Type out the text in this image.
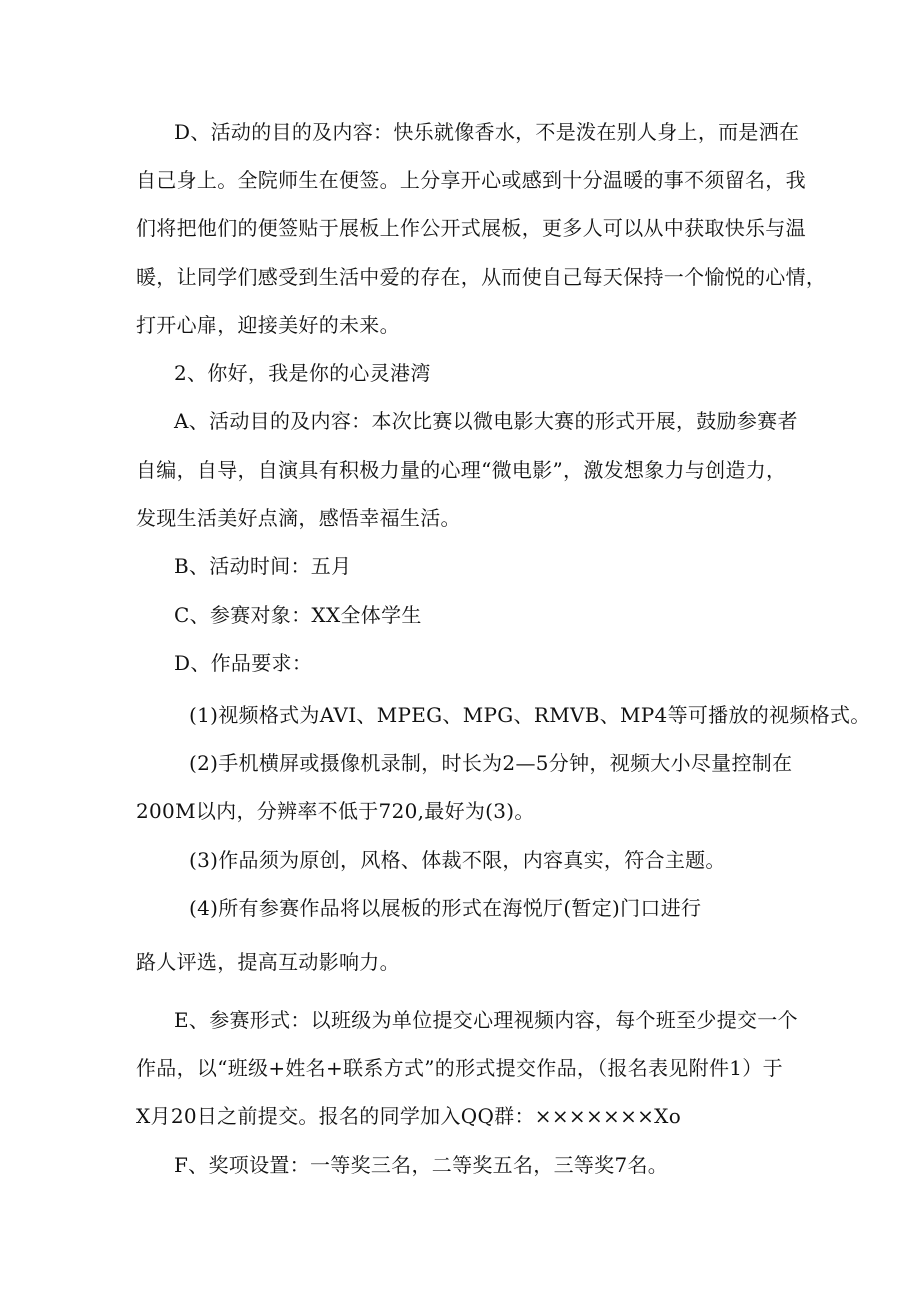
D、活动的目的及内容：快乐就像香水，不是泼在别人身上，而是洒在
自己身上。全院师生在便签。上分享开心或感到十分温暖的事不须留名，我
们将把他们的便签贴于展板上作公开式展板，更多人可以从中获取快乐与温
暖，让同学们感受到生活中爱的存在，从而使自己每天保持一个愉悦的心情，
打开心扉，迎接美好的未来。
2、你好，我是你的心灵港湾
A、活动目的及内容：本次比赛以微电影大赛的形式开展，鼓励参赛者
自编，自导，自演具有积极力量的心理“微电影”，激发想象力与创造力，
发现生活美好点滴，感悟幸福生活。
B、活动时间：五月
C、参赛对象：XX全体学生
D、作品要求：
(1)视频格式为AVI、MPEG、MPG、RMVB、MP4等可播放的视频格式。
(2)手机横屏或摄像机录制，时长为2—5分钟，视频大小尽量控制在
200M以内，分辨率不低于720,最好为(3)。
(3)作品须为原创，风格、体裁不限，内容真实，符合主题。
(4)所有参赛作品将以展板的形式在海悦厅(暂定)门口进行
路人评选，提高互动影响力。
E、参赛形式：以班级为单位提交心理视频内容，每个班至少提交一个
作品，以“班级+姓名+联系方式”的形式提交作品，（报名表见附件1）于
X月20日之前提交。报名的同学加入QQ群：×××××××Xo
F、奖项设置：一等奖三名，二等奖五名，三等奖7名。
